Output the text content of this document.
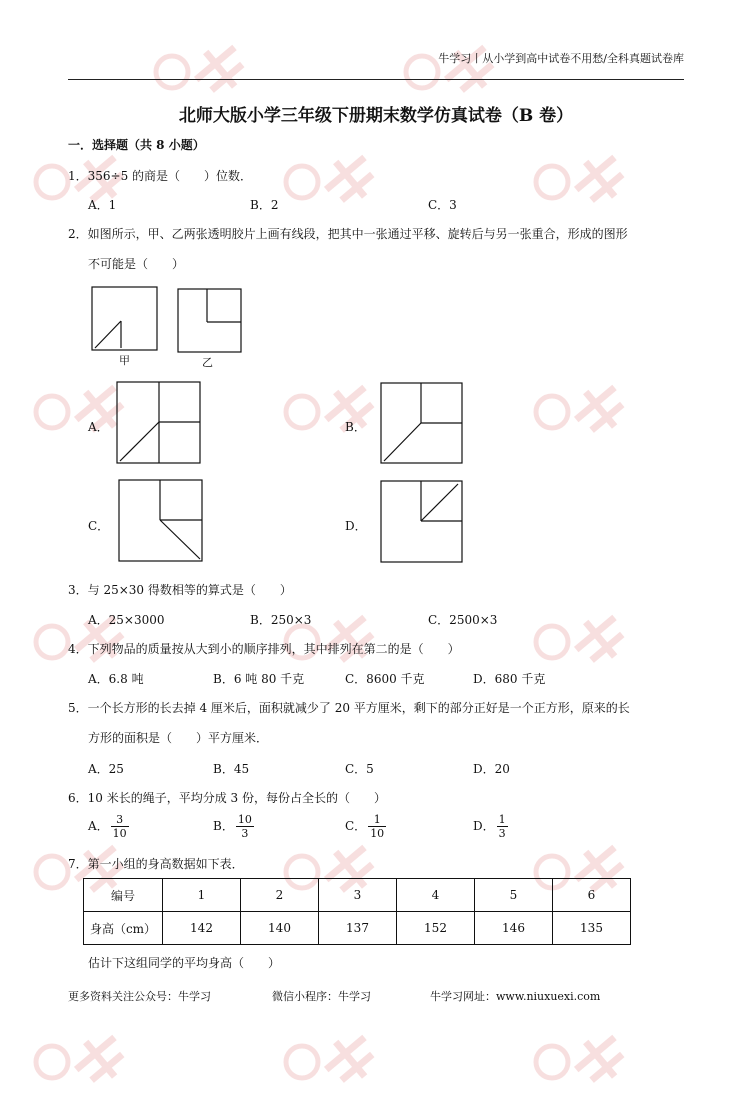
牛学习丨从小学到高中试卷不用愁/全科真题试卷库
北师大版小学三年级下册期末数学仿真试卷（B 卷）
一．选择题（共 8 小题）
1．356÷5 的商是（　　）位数．
A．1	B．2	C．3
2．如图所示，甲、乙两张透明胶片上画有线段，把其中一张通过平移、旋转后与另一张重合，形成的图形
不可能是（　　）
甲	乙
A．	B．
C．	D．
3．与 25×30 得数相等的算式是（　　）
A．25×3000	B．250×3	C．2500×3
4．下列物品的质量按从大到小的顺序排列，其中排列在第二的是（　　）
A．6.8 吨	B．6 吨 80 千克	C．8600 千克	D．680 千克
5．一个长方形的长去掉 4 厘米后，面积就减少了 20 平方厘米，剩下的部分正好是一个正方形，原来的长
方形的面积是（　　）平方厘米．
A．25	B．45	C．5	D．20
6．10 米长的绳子，平均分成 3 份，每份占全长的（　　）
A． $\frac{3}{10}$	B． $\frac{10}{3}$	C． $\frac{1}{10}$	D． $\frac{1}{3}$
7．第一小组的身高数据如下表．
编号	1	2	3	4	5	6
身高（cm）	142	140	137	152	146	135
估计下这组同学的平均身高（　　）
更多资料关注公众号：牛学习	微信小程序：牛学习	牛学习网址：www.niuxuexi.com
